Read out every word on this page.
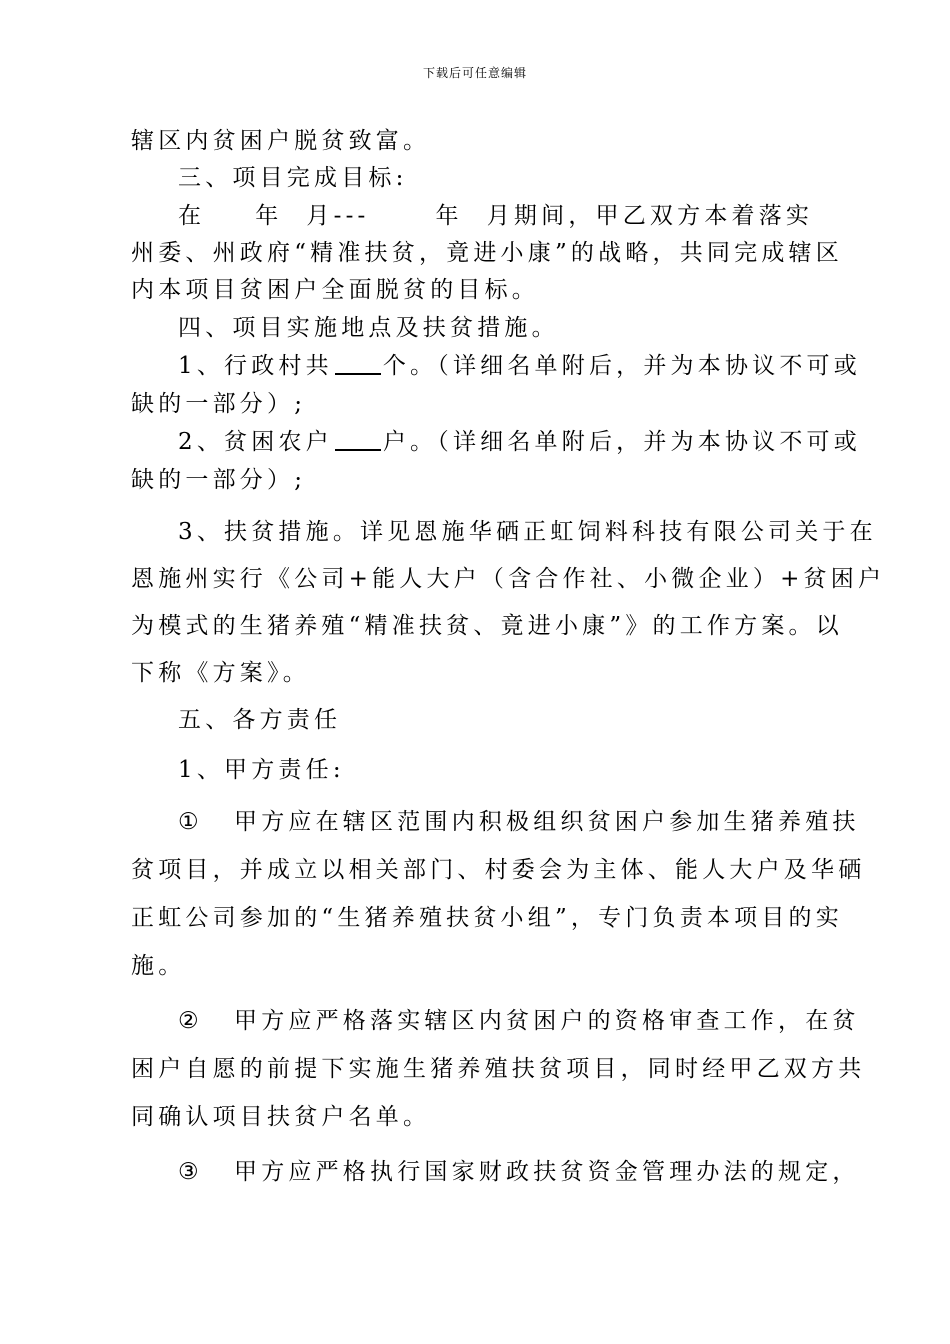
下载后可任意编辑
辖区内贫困户脱贫致富。
三、项目完成目标:
在 年 月---	年 月期间，甲乙双方本着落实
州委、州政府“精准扶贫，竟进小康”的战略，共同完成辖区
内本项目贫困户全面脱贫的目标。
四、项目实施地点及扶贫措施。
1、行政村共 个。（详细名单附后，并为本协议不可或
缺的一部分）;
2、贫困农户 户。（详细名单附后，并为本协议不可或
缺的一部分）;
3、扶贫措施。详见恩施华硒正虹饲料科技有限公司关于在
恩施州实行《公司+能人大户（含合作社、小微企业）+贫困户
为模式的生猪养殖“精准扶贫、竟进小康”》的工作方案。以
下称《方案》。
五、各方责任
1、甲方责任:
① 甲方应在辖区范围内积极组织贫困户参加生猪养殖扶
贫项目，并成立以相关部门、村委会为主体、能人大户及华硒
正虹公司参加的“生猪养殖扶贫小组”，专门负责本项目的实
施。
② 甲方应严格落实辖区内贫困户的资格审查工作，在贫
困户自愿的前提下实施生猪养殖扶贫项目，同时经甲乙双方共
同确认项目扶贫户名单。
③ 甲方应严格执行国家财政扶贫资金管理办法的规定，
